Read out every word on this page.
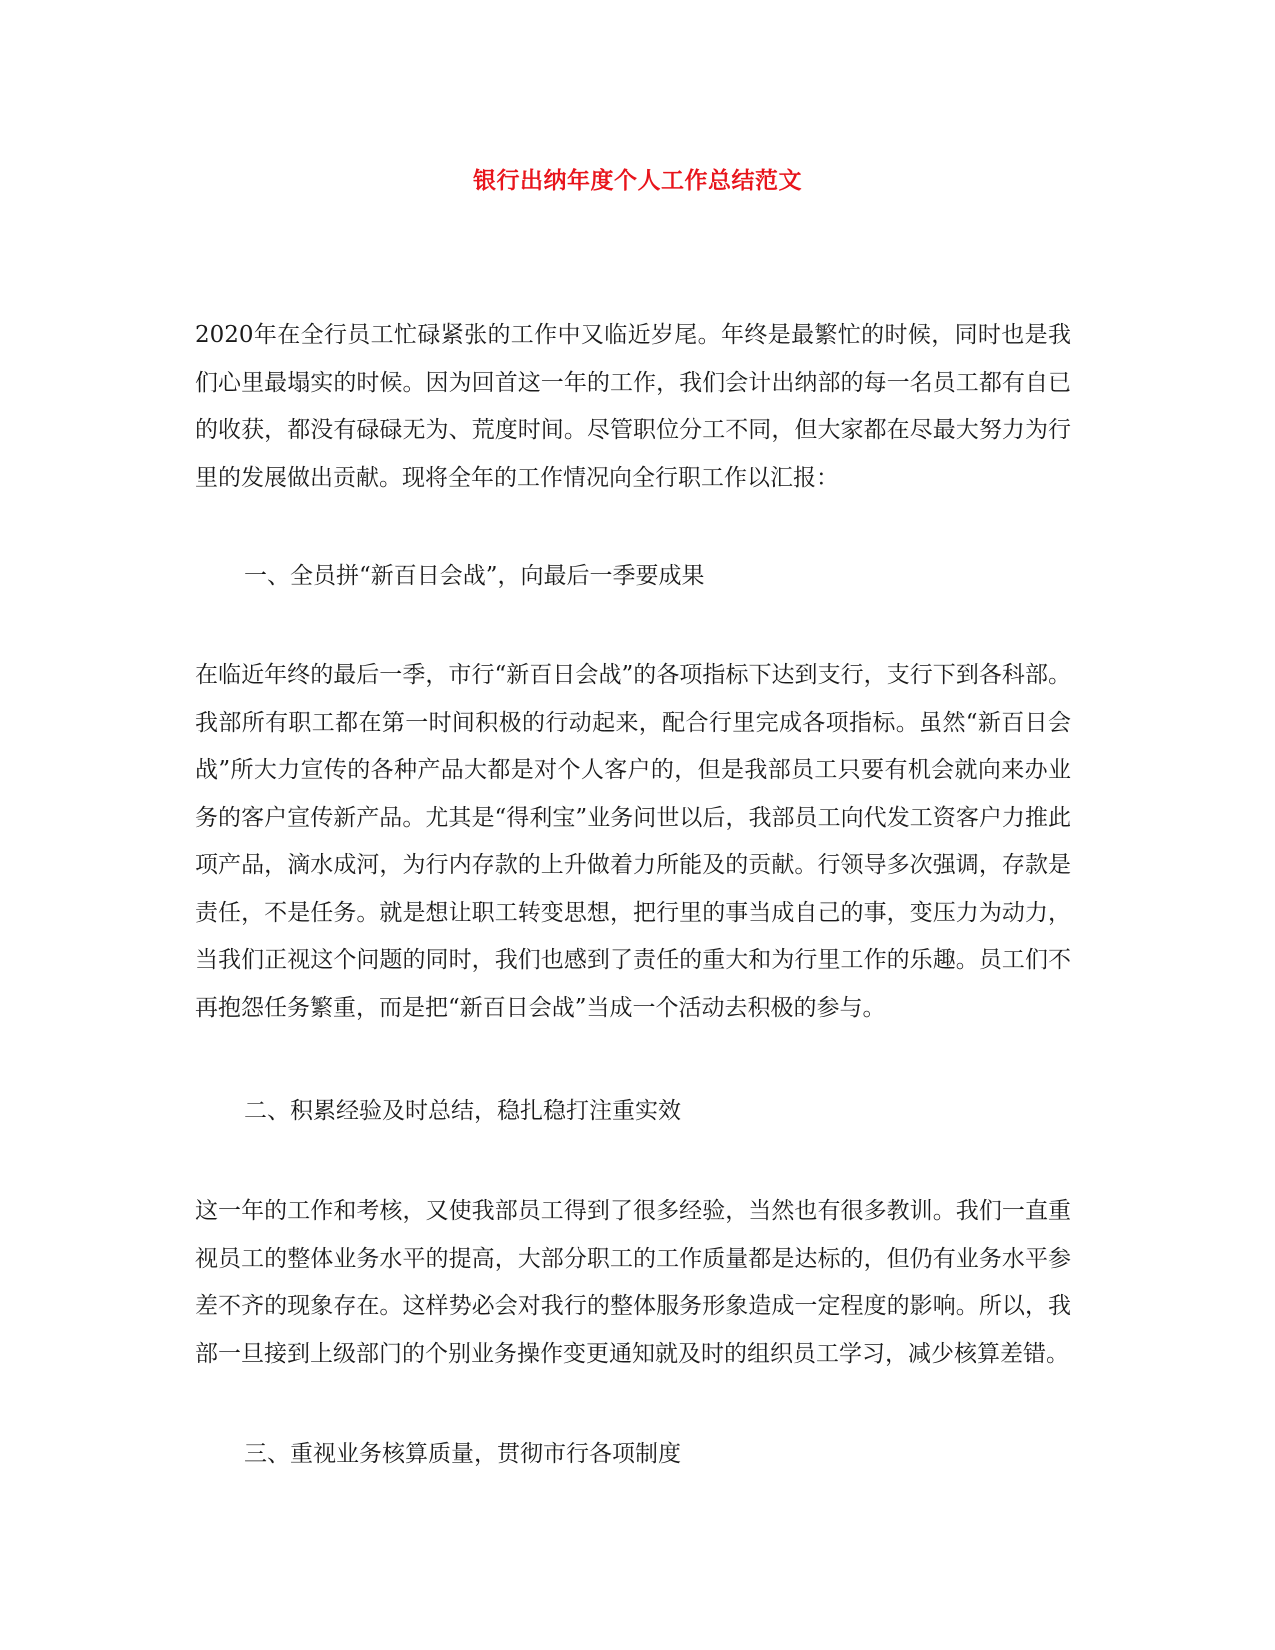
银行出纳年度个人工作总结范文
2020年在全行员工忙碌紧张的工作中又临近岁尾。年终是最繁忙的时候，同时也是我们心里最塌实的时候。因为回首这一年的工作，我们会计出纳部的每一名员工都有自已的收获，都没有碌碌无为、荒度时间。尽管职位分工不同，但大家都在尽最大努力为行里的发展做出贡献。现将全年的工作情况向全行职工作以汇报：
一、全员拼“新百日会战”，向最后一季要成果
在临近年终的最后一季，市行“新百日会战”的各项指标下达到支行，支行下到各科部。我部所有职工都在第一时间积极的行动起来，配合行里完成各项指标。虽然“新百日会战”所大力宣传的各种产品大都是对个人客户的，但是我部员工只要有机会就向来办业务的客户宣传新产品。尤其是“得利宝”业务问世以后，我部员工向代发工资客户力推此项产品，滴水成河，为行内存款的上升做着力所能及的贡献。行领导多次强调，存款是责任，不是任务。就是想让职工转变思想，把行里的事当成自己的事，变压力为动力，当我们正视这个问题的同时，我们也感到了责任的重大和为行里工作的乐趣。员工们不再抱怨任务繁重，而是把“新百日会战”当成一个活动去积极的参与。
二、积累经验及时总结，稳扎稳打注重实效
这一年的工作和考核，又使我部员工得到了很多经验，当然也有很多教训。我们一直重视员工的整体业务水平的提高，大部分职工的工作质量都是达标的，但仍有业务水平参差不齐的现象存在。这样势必会对我行的整体服务形象造成一定程度的影响。所以，我部一旦接到上级部门的个别业务操作变更通知就及时的组织员工学习，减少核算差错。
三、重视业务核算质量，贯彻市行各项制度
